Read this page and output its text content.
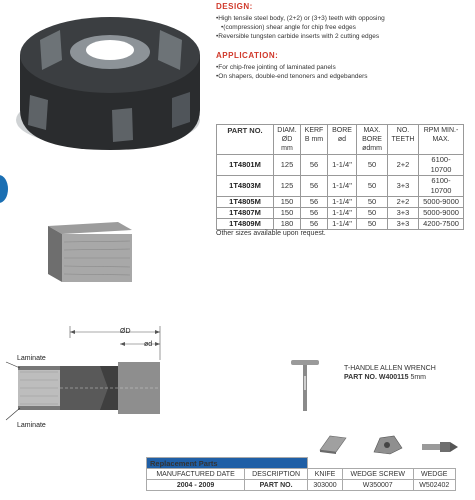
DESIGN:
• High tensile steel body, (2+2) or (3+3) teeth with opposing
• (compression) shear angle for chip free edges
• Reversible tungsten carbide inserts with 2 cutting edges
APPLICATION:
• For chip-free jointing of laminated panels
• On shapers, double-end tenoners and edgebanders
PART NO.	DIAM. ØD mm	KERF B mm	BORE ød	MAX. BORE ødmm	NO. TEETH	RPM MIN.-MAX.
1T4801M	125	56	1-1/4"	50	2+2	6100-10700
1T4803M	125	56	1-1/4"	50	3+3	6100-10700
1T4805M	150	56	1-1/4"	50	2+2	5000-9000
1T4807M	150	56	1-1/4"	50	3+3	5000-9000
1T4809M	180	56	1-1/4"	50	3+3	4200-7500
Other sizes available upon request.
ØD
ød
Laminate
Laminate
T-HANDLE ALLEN WRENCH
PART NO. W400115 5mm
Replacement Parts				
MANUFACTURED DATE	DESCRIPTION	KNIFE	WEDGE SCREW	WEDGE
2004 - 2009	PART NO.	303000	W350007	W502402
